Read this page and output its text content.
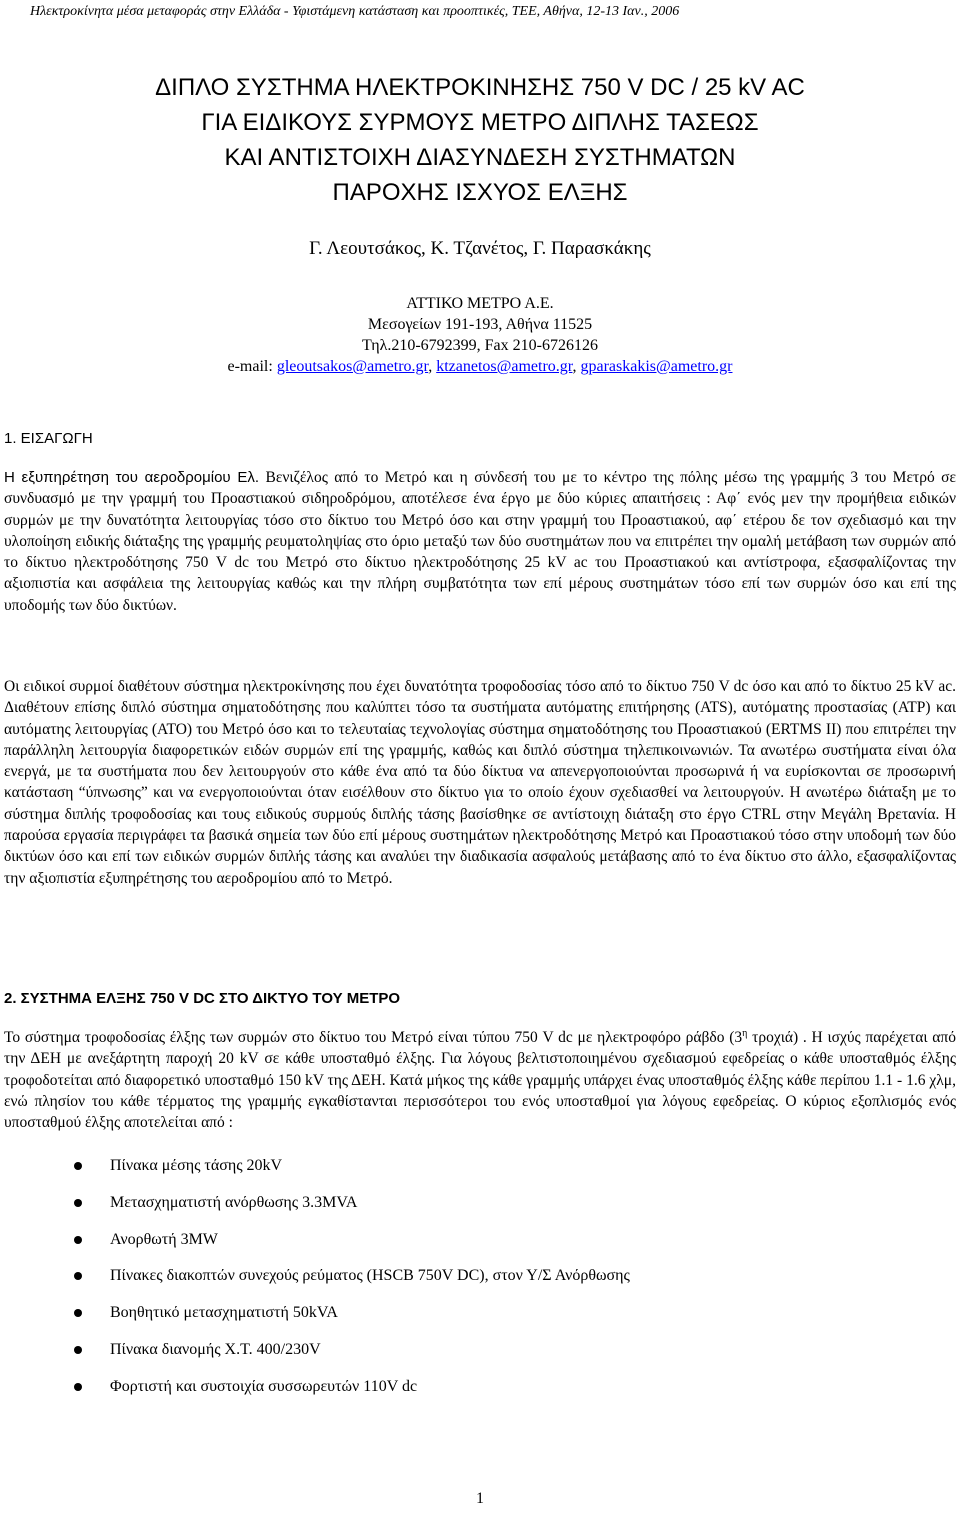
Ηλεκτροκίνητα μέσα μεταφοράς στην Ελλάδα - Υφιστάμενη κατάσταση και προοπτικές, ΤΕΕ, Αθήνα, 12-13 Ιαν., 2006
ΔΙΠΛΟ ΣΥΣΤΗΜΑ ΗΛΕΚΤΡΟΚΙΝΗΣΗΣ 750 V DC / 25 kV AC
ΓΙΑ ΕΙΔΙΚΟΥΣ ΣΥΡΜΟΥΣ ΜΕΤΡΟ ΔΙΠΛΗΣ ΤΑΣΕΩΣ
ΚΑΙ ΑΝΤΙΣΤΟΙΧΗ ΔΙΑΣΥΝΔΕΣΗ ΣΥΣΤΗΜΑΤΩΝ
ΠΑΡΟΧΗΣ ΙΣΧΥΟΣ ΕΛΞΗΣ
Γ. Λεουτσάκος, Κ. Τζανέτος, Γ. Παρασκάκης
ΑΤΤΙΚΟ ΜΕΤΡΟ Α.Ε.
Μεσογείων 191-193, Αθήνα 11525
Τηλ.210-6792399, Fax 210-6726126
e-mail: gleoutsakos@ametro.gr, ktzanetos@ametro.gr, gparaskakis@ametro.gr
1. ΕΙΣΑΓΩΓΗ
Η εξυπηρέτηση του αεροδρομίου Ελ. Βενιζέλος από το Μετρό και η σύνδεσή του με το κέντρο της πόλης μέσω της γραμμής 3 του Μετρό σε συνδυασμό με την γραμμή του Προαστιακού σιδηροδρόμου, αποτέλεσε ένα έργο με δύο κύριες απαιτήσεις : Αφ΄ ενός μεν την προμήθεια ειδικών συρμών με την δυνατότητα λειτουργίας τόσο στο δίκτυο του Μετρό όσο και στην γραμμή του Προαστιακού, αφ΄ ετέρου δε τον σχεδιασμό και την υλοποίηση ειδικής διάταξης της γραμμής ρευματοληψίας στο όριο μεταξύ των δύο συστημάτων που να επιτρέπει την ομαλή μετάβαση των συρμών από το δίκτυο ηλεκτροδότησης 750 V dc του Μετρό στο δίκτυο ηλεκτροδότησης 25 kV ac του Προαστιακού και αντίστροφα, εξασφαλίζοντας την αξιοπιστία και ασφάλεια της λειτουργίας καθώς και την πλήρη συμβατότητα των επί μέρους συστημάτων τόσο επί των συρμών όσο και επί της υποδομής των δύο δικτύων.
Οι ειδικοί συρμοί διαθέτουν σύστημα ηλεκτροκίνησης που έχει δυνατότητα τροφοδοσίας τόσο από το δίκτυο 750 V dc όσο και από το δίκτυο 25 kV ac. Διαθέτουν επίσης διπλό σύστημα σηματοδότησης που καλύπτει τόσο τα συστήματα αυτόματης επιτήρησης (ATS), αυτόματης προστασίας (ATP) και αυτόματης λειτουργίας (ATO) του Μετρό όσο και το τελευταίας τεχνολογίας σύστημα σηματοδότησης του Προαστιακού (ERTMS II) που επιτρέπει την παράλληλη λειτουργία διαφορετικών ειδών συρμών επί της γραμμής, καθώς και διπλό σύστημα τηλεπικοινωνιών. Τα ανωτέρω συστήματα είναι όλα ενεργά, με τα συστήματα που δεν λειτουργούν στο κάθε ένα από τα δύο δίκτυα να απενεργοποιούνται προσωρινά ή να ευρίσκονται σε προσωρινή κατάσταση “ύπνωσης” και να ενεργοποιούνται όταν εισέλθουν στο δίκτυο για το οποίο έχουν σχεδιασθεί να λειτουργούν. Η ανωτέρω διάταξη με το σύστημα διπλής τροφοδοσίας και τους ειδικούς συρμούς διπλής τάσης βασίσθηκε σε αντίστοιχη διάταξη στο έργο CTRL στην Μεγάλη Βρετανία. Η παρούσα εργασία περιγράφει τα βασικά σημεία των δύο επί μέρους συστημάτων ηλεκτροδότησης Μετρό και Προαστιακού τόσο στην υποδομή των δύο δικτύων όσο και επί των ειδικών συρμών διπλής τάσης και αναλύει την διαδικασία ασφαλούς μετάβασης από το ένα δίκτυο στο άλλο, εξασφαλίζοντας την αξιοπιστία εξυπηρέτησης του αεροδρομίου από το Μετρό.
2. ΣΥΣΤΗΜΑ ΕΛΞΗΣ 750 V DC ΣΤΟ ΔΙΚΤΥΟ ΤΟΥ ΜΕΤΡΟ
Το σύστημα τροφοδοσίας έλξης των συρμών στο δίκτυο του Μετρό είναι τύπου 750 V dc με ηλεκτροφόρο ράβδο ($3^\eta$ τροχιά) . Η ισχύς παρέχεται από την ΔΕΗ με ανεξάρτητη παροχή 20 kV σε κάθε υποσταθμό έλξης. Για λόγους βελτιστοποιημένου σχεδιασμού εφεδρείας ο κάθε υποσταθμός έλξης τροφοδοτείται από διαφορετικό υποσταθμό 150 kV της ΔΕΗ. Κατά μήκος της κάθε γραμμής υπάρχει ένας υποσταθμός έλξης κάθε περίπου 1.1 - 1.6 χλμ, ενώ πλησίον του κάθε τέρματος της γραμμής εγκαθίστανται περισσότεροι του ενός υποσταθμοί για λόγους εφεδρείας. Ο κύριος εξοπλισμός ενός υποσταθμού έλξης αποτελείται από :
Πίνακα μέσης τάσης 20kV
Μετασχηματιστή ανόρθωσης 3.3MVA
Ανορθωτή 3MW
Πίνακες διακοπτών συνεχούς ρεύματος (HSCB 750V DC), στον Υ/Σ Ανόρθωσης
Βοηθητικό μετασχηματιστή 50kVA
Πίνακα διανομής Χ.Τ. 400/230V
Φορτιστή και συστοιχία συσσωρευτών 110V dc
1
